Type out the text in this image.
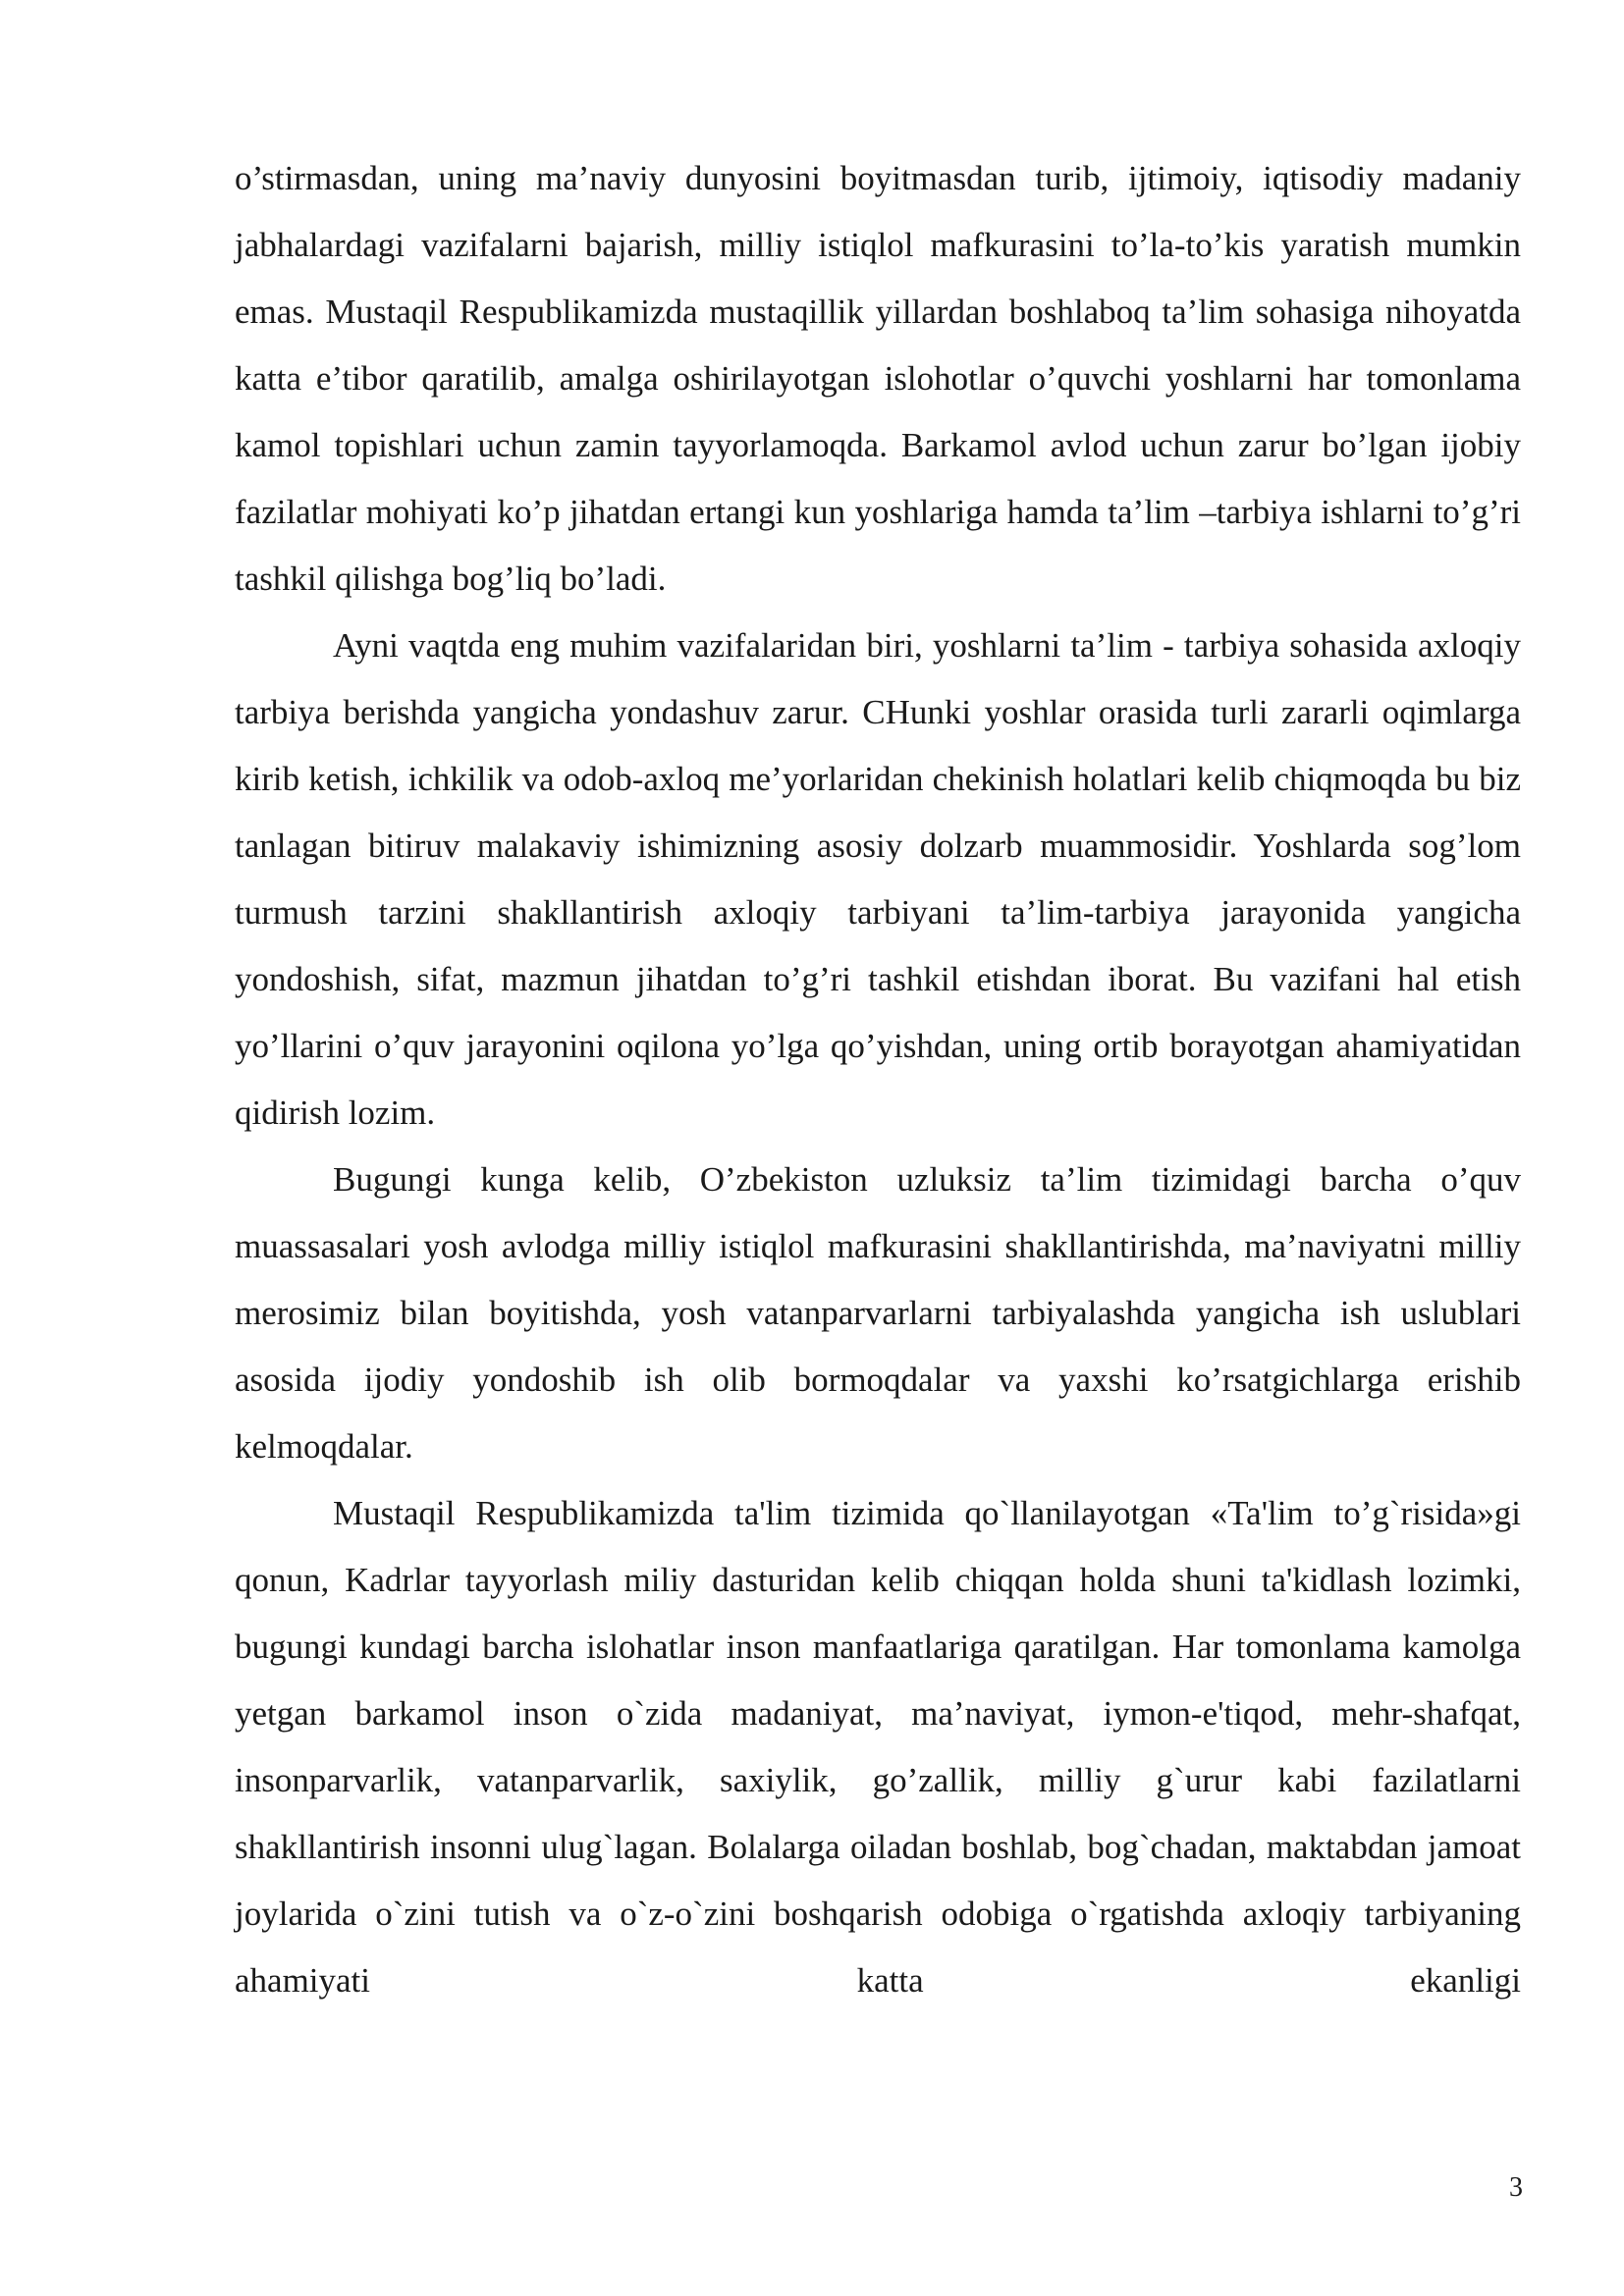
o’stirmasdan, uning ma’naviy dunyosini boyitmasdan turib, ijtimoiy, iqtisodiy madaniy jabhalardagi vazifalarni bajarish, milliy istiqlol mafkurasini to’la-to’kis yaratish mumkin emas. Mustaqil Respublikamizda mustaqillik yillardan boshlaboq ta’lim sohasiga nihoyatda katta e’tibor qaratilib, amalga oshirilayotgan islohotlar o’quvchi yoshlarni har tomonlama kamol topishlari uchun zamin tayyorlamoqda. Barkamol avlod uchun zarur bo’lgan ijobiy fazilatlar mohiyati ko’p jihatdan ertangi kun yoshlariga hamda ta’lim –tarbiya ishlarni to’g’ri tashkil qilishga bog’liq bo’ladi.

Ayni vaqtda eng muhim vazifalaridan biri, yoshlarni ta’lim - tarbiya sohasida axloqiy tarbiya berishda yangicha yondashuv zarur. CHunki yoshlar orasida turli zararli oqimlarga kirib ketish, ichkilik va odob-axloq me’yorlaridan chekinish holatlari kelib chiqmoqda bu biz tanlagan bitiruv malakaviy ishimizning asosiy dolzarb muammosidir. Yoshlarda sog’lom turmush tarzini shakllantirish axloqiy tarbiyani ta’lim-tarbiya jarayonida yangicha yondoshish, sifat, mazmun jihatdan to’g’ri tashkil etishdan iborat. Bu vazifani hal etish yo’llarini o’quv jarayonini oqilona yo’lga qo’yishdan, uning ortib borayotgan ahamiyatidan qidirish lozim.

Bugungi kunga kelib, O’zbekiston uzluksiz ta’lim tizimidagi barcha o’quv muassasalari yosh avlodga milliy istiqlol mafkurasini shakllantirishda, ma’naviyatni milliy merosimiz bilan boyitishda, yosh vatanparvarlarni tarbiyalashda yangicha ish uslublari asosida ijodiy yondoshib ish olib bormoqdalar va yaxshi ko’rsatgichlarga erishib kelmoqdalar.

Mustaqil Respublikamizda ta'lim tizimida qo`llanilayotgan «Ta'lim to’g`risida»gi qonun, Kadrlar tayyorlash miliy dasturidan kelib chiqqan holda shuni ta'kidlash lozimki, bugungi kundagi barcha islohatlar inson manfaatlariga qaratilgan. Har tomonlama kamolga yetgan barkamol inson o`zida madaniyat, ma’naviyat, iymon-e'tiqod, mehr-shafqat, insonparvarlik, vatanparvarlik, saxiylik, go’zallik, milliy g`urur kabi fazilatlarni shakllantirish insonni ulug`lagan. Bolalarga oiladan boshlab, bog`chadan, maktabdan jamoat joylarida o`zini tutish va o`z-o`zini boshqarish odobiga o`rgatishda axloqiy tarbiyaning ahamiyati katta ekanligi

3
